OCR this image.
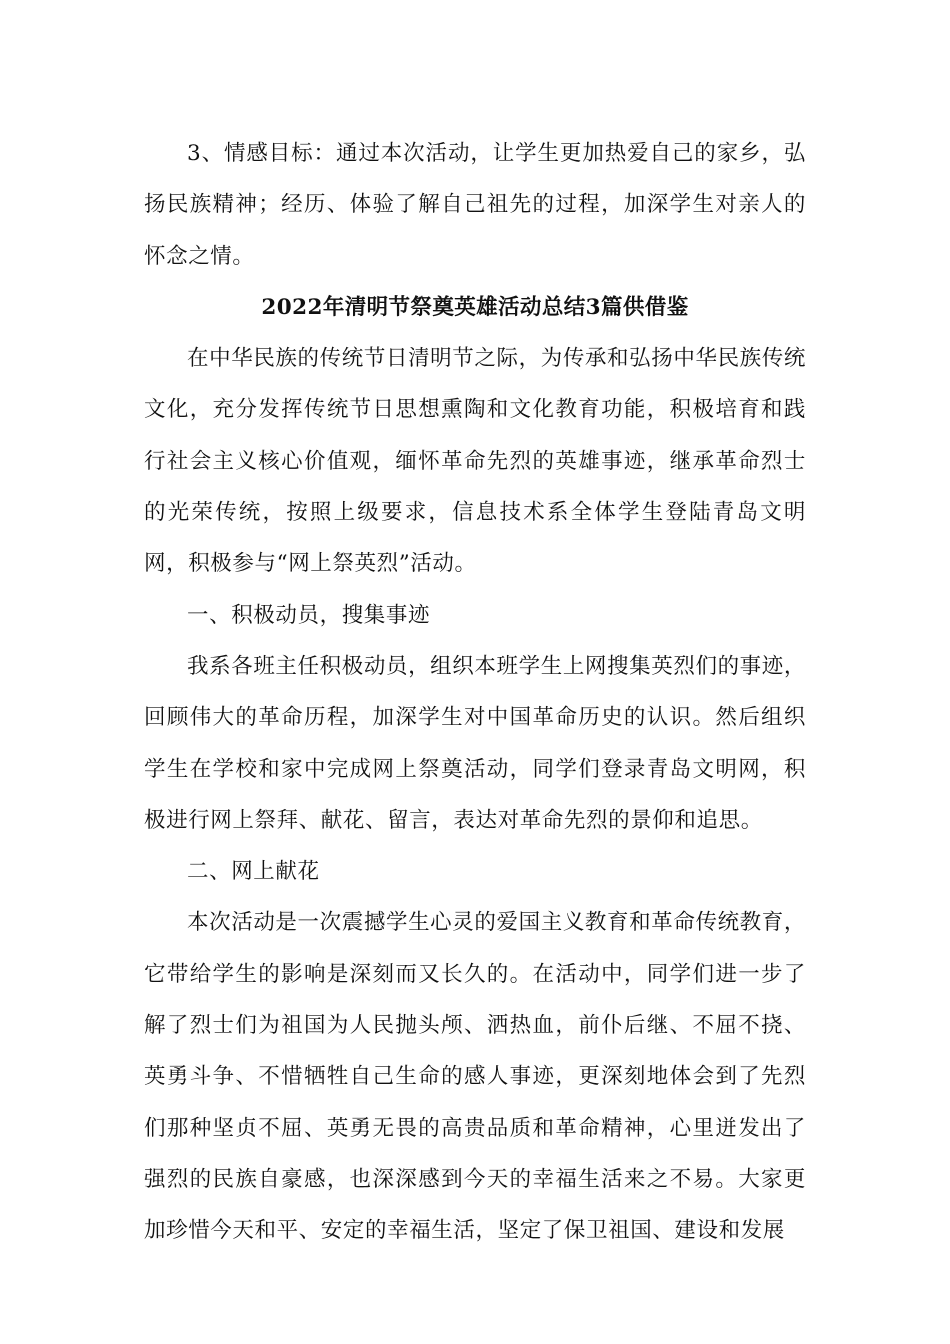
3、情感目标：通过本次活动，让学生更加热爱自己的家乡，弘扬民族精神；经历、体验了解自己祖先的过程，加深学生对亲人的怀念之情。

2022年清明节祭奠英雄活动总结3篇供借鉴

在中华民族的传统节日清明节之际，为传承和弘扬中华民族传统文化，充分发挥传统节日思想熏陶和文化教育功能，积极培育和践行社会主义核心价值观，缅怀革命先烈的英雄事迹，继承革命烈士的光荣传统，按照上级要求，信息技术系全体学生登陆青岛文明网，积极参与“网上祭英烈”活动。

一、积极动员，搜集事迹

我系各班主任积极动员，组织本班学生上网搜集英烈们的事迹，回顾伟大的革命历程，加深学生对中国革命历史的认识。然后组织学生在学校和家中完成网上祭奠活动，同学们登录青岛文明网，积极进行网上祭拜、献花、留言，表达对革命先烈的景仰和追思。

二、网上献花

本次活动是一次震撼学生心灵的爱国主义教育和革命传统教育，它带给学生的影响是深刻而又长久的。在活动中，同学们进一步了解了烈士们为祖国为人民抛头颅、洒热血，前仆后继、不屈不挠、英勇斗争、不惜牺牲自己生命的感人事迹，更深刻地体会到了先烈们那种坚贞不屈、英勇无畏的高贵品质和革命精神，心里迸发出了强烈的民族自豪感，也深深感到今天的幸福生活来之不易。大家更加珍惜今天和平、安定的幸福生活，坚定了保卫祖国、建设和发展
